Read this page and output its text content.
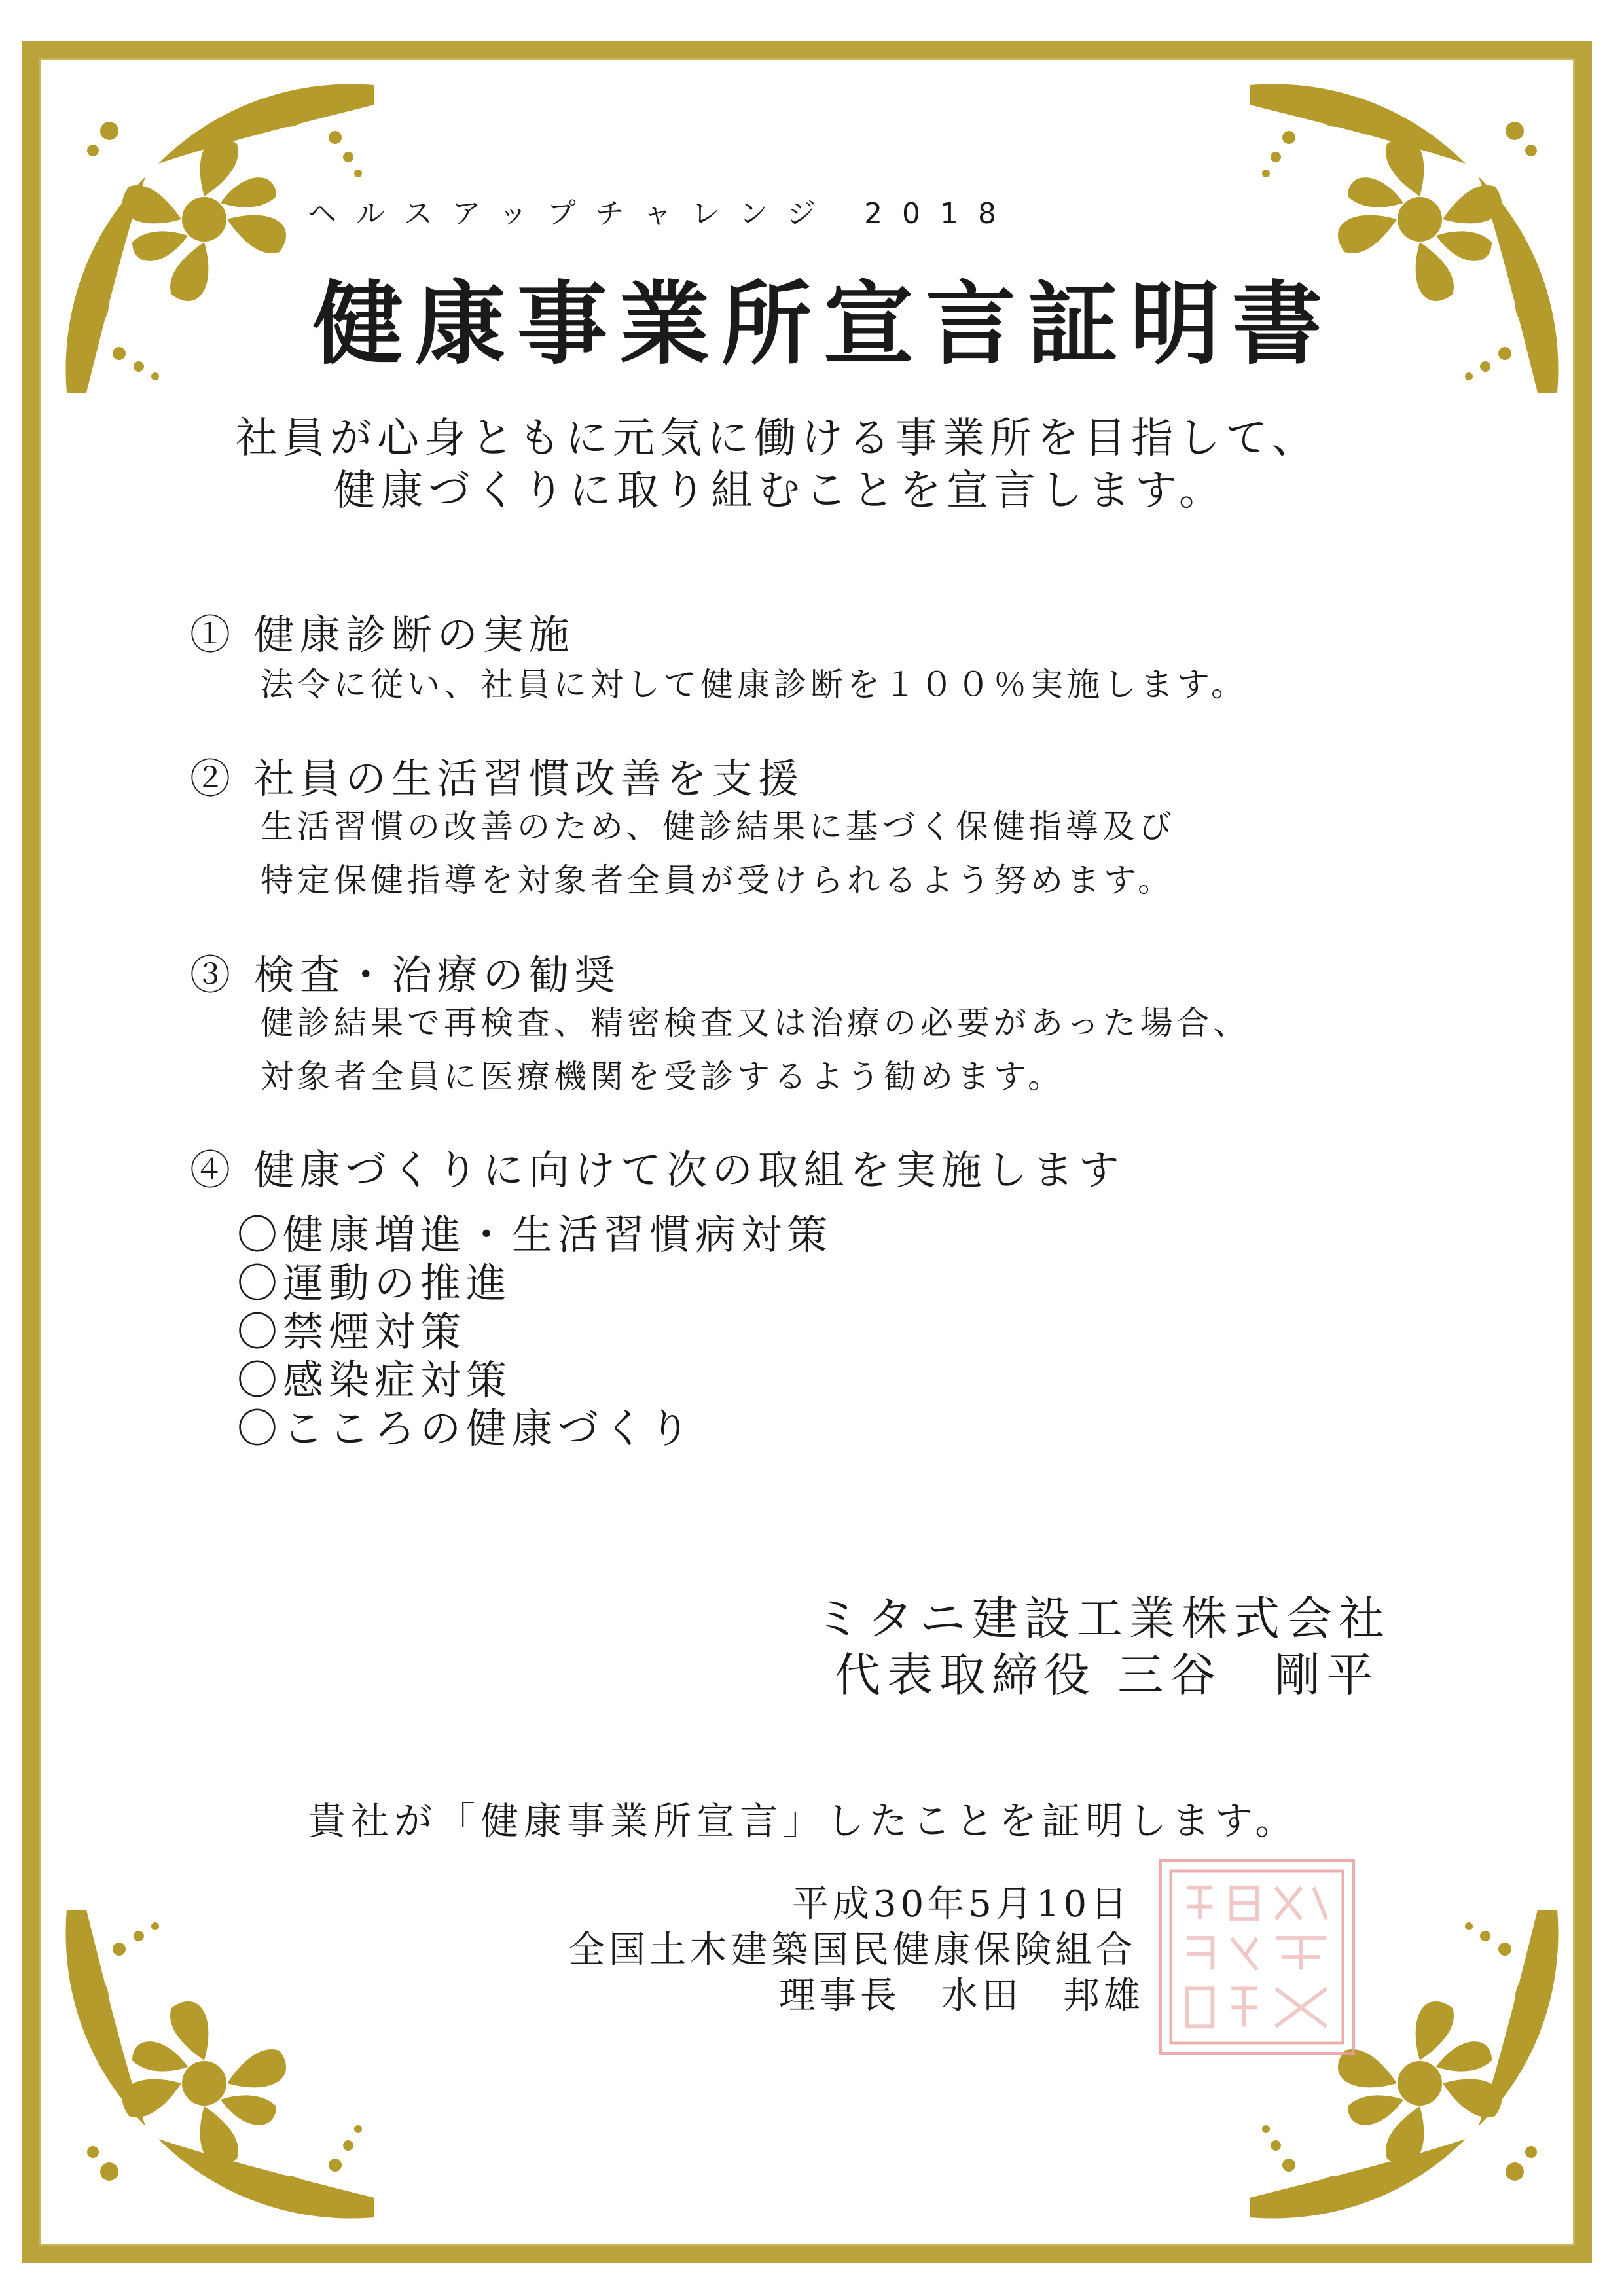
ヘルスアップチャレンジ 2018
健康事業所宣言証明書
社員が心身ともに元気に働ける事業所を目指して、
健康づくりに取り組むことを宣言します。
① 健康診断の実施
法令に従い、社員に対して健康診断を１００％実施します。
② 社員の生活習慣改善を支援
生活習慣の改善のため、健診結果に基づく保健指導及び
特定保健指導を対象者全員が受けられるよう努めます。
③ 検査・治療の勧奨
健診結果で再検査、精密検査又は治療の必要があった場合、
対象者全員に医療機関を受診するよう勧めます。
④ 健康づくりに向けて次の取組を実施します
〇健康増進・生活習慣病対策
〇運動の推進
〇禁煙対策
〇感染症対策
〇こころの健康づくり
ミタニ建設工業株式会社
代表取締役 三谷　剛平
貴社が「健康事業所宣言」したことを証明します。
平成30年5月10日
全国土木建築国民健康保険組合
理事長　水田　邦雄
